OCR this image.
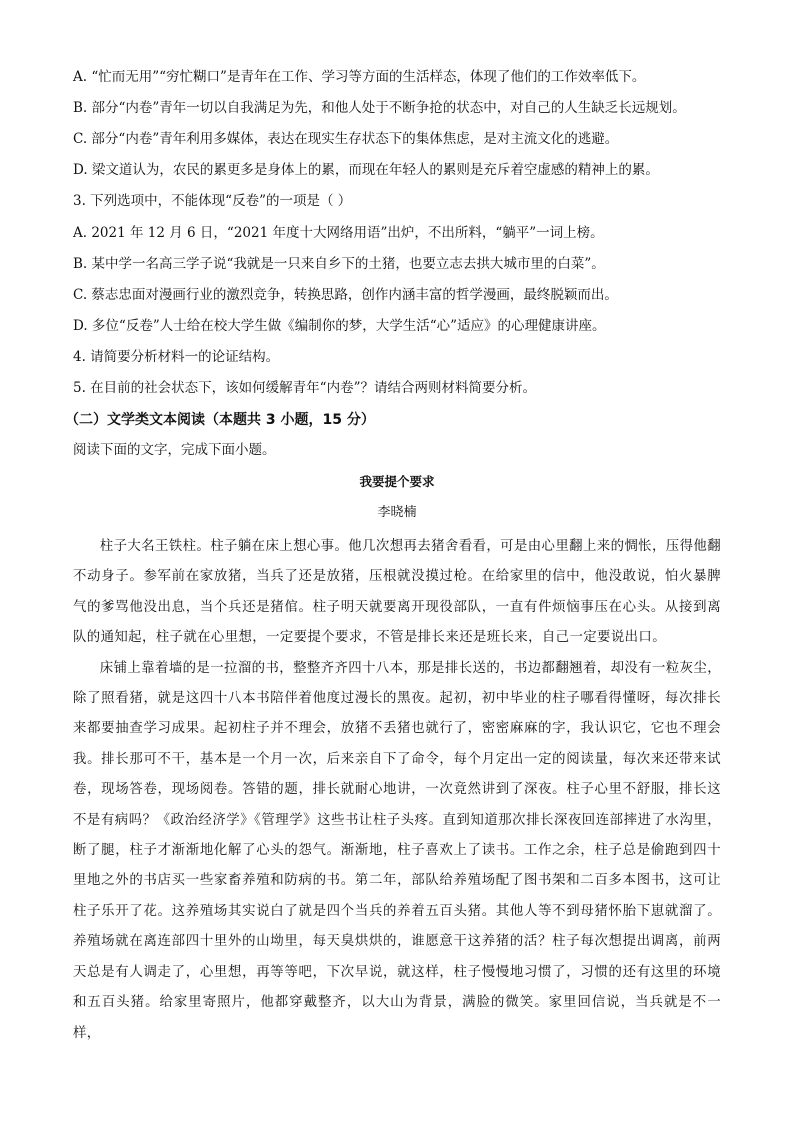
A. “忙而无用”“穷忙糊口”是青年在工作、学习等方面的生活样态，体现了他们的工作效率低下。
B. 部分“内卷”青年一切以自我满足为先，和他人处于不断争抢的状态中，对自己的人生缺乏长远规划。
C. 部分“内卷”青年利用多媒体，表达在现实生存状态下的集体焦虑，是对主流文化的逃避。
D. 梁文道认为，农民的累更多是身体上的累，而现在年轻人的累则是充斥着空虚感的精神上的累。
3. 下列选项中，不能体现“反卷”的一项是（ ）
A. 2021 年 12 月 6 日，“2021 年度十大网络用语”出炉，不出所料，“躺平”一词上榜。
B. 某中学一名高三学子说“我就是一只来自乡下的土猪，也要立志去拱大城市里的白菜”。
C. 蔡志忠面对漫画行业的激烈竞争，转换思路，创作内涵丰富的哲学漫画，最终脱颖而出。
D. 多位“反卷”人士给在校大学生做《编制你的梦，大学生活“心”适应》的心理健康讲座。
4. 请简要分析材料一的论证结构。
5. 在目前的社会状态下，该如何缓解青年“内卷”？请结合两则材料简要分析。
（二）文学类文本阅读（本题共 3 小题，15 分）
阅读下面的文字，完成下面小题。
我要提个要求
李晓楠

柱子大名王铁柱。柱子躺在床上想心事。他几次想再去猪舍看看，可是由心里翻上来的惆怅，压得他翻不动身子。参军前在家放猪，当兵了还是放猪，压根就没摸过枪。在给家里的信中，他没敢说，怕火暴脾气的爹骂他没出息，当个兵还是猪倌。柱子明天就要离开现役部队，一直有件烦恼事压在心头。从接到离队的通知起，柱子就在心里想，一定要提个要求，不管是排长来还是班长来，自己一定要说出口。

床铺上靠着墙的是一拉溜的书，整整齐齐四十八本，那是排长送的，书边都翻翘着，却没有一粒灰尘，除了照看猪，就是这四十八本书陪伴着他度过漫长的黑夜。起初，初中毕业的柱子哪看得懂呀，每次排长来都要抽查学习成果。起初柱子并不理会，放猪不丢猪也就行了，密密麻麻的字，我认识它，它也不理会我。排长那可不干，基本是一个月一次，后来亲自下了命令，每个月定出一定的阅读量，每次来还带来试卷，现场答卷，现场阅卷。答错的题，排长就耐心地讲，一次竟然讲到了深夜。柱子心里不舒服，排长这不是有病吗？《政治经济学》《管理学》这些书让柱子头疼。直到知道那次排长深夜回连部摔进了水沟里，断了腿，柱子才渐渐地化解了心头的怨气。渐渐地，柱子喜欢上了读书。工作之余，柱子总是偷跑到四十里地之外的书店买一些家畜养殖和防病的书。第二年，部队给养殖场配了图书架和二百多本图书，这可让柱子乐开了花。这养殖场其实说白了就是四个当兵的养着五百头猪。其他人等不到母猪怀胎下崽就溜了。养殖场就在离连部四十里外的山坳里，每天臭烘烘的，谁愿意干这养猪的活？柱子每次想提出调离，前两天总是有人调走了，心里想，再等等吧，下次早说，就这样，柱子慢慢地习惯了，习惯的还有这里的环境和五百头猪。给家里寄照片，他都穿戴整齐，以大山为背景，满脸的微笑。家里回信说，当兵就是不一样，
